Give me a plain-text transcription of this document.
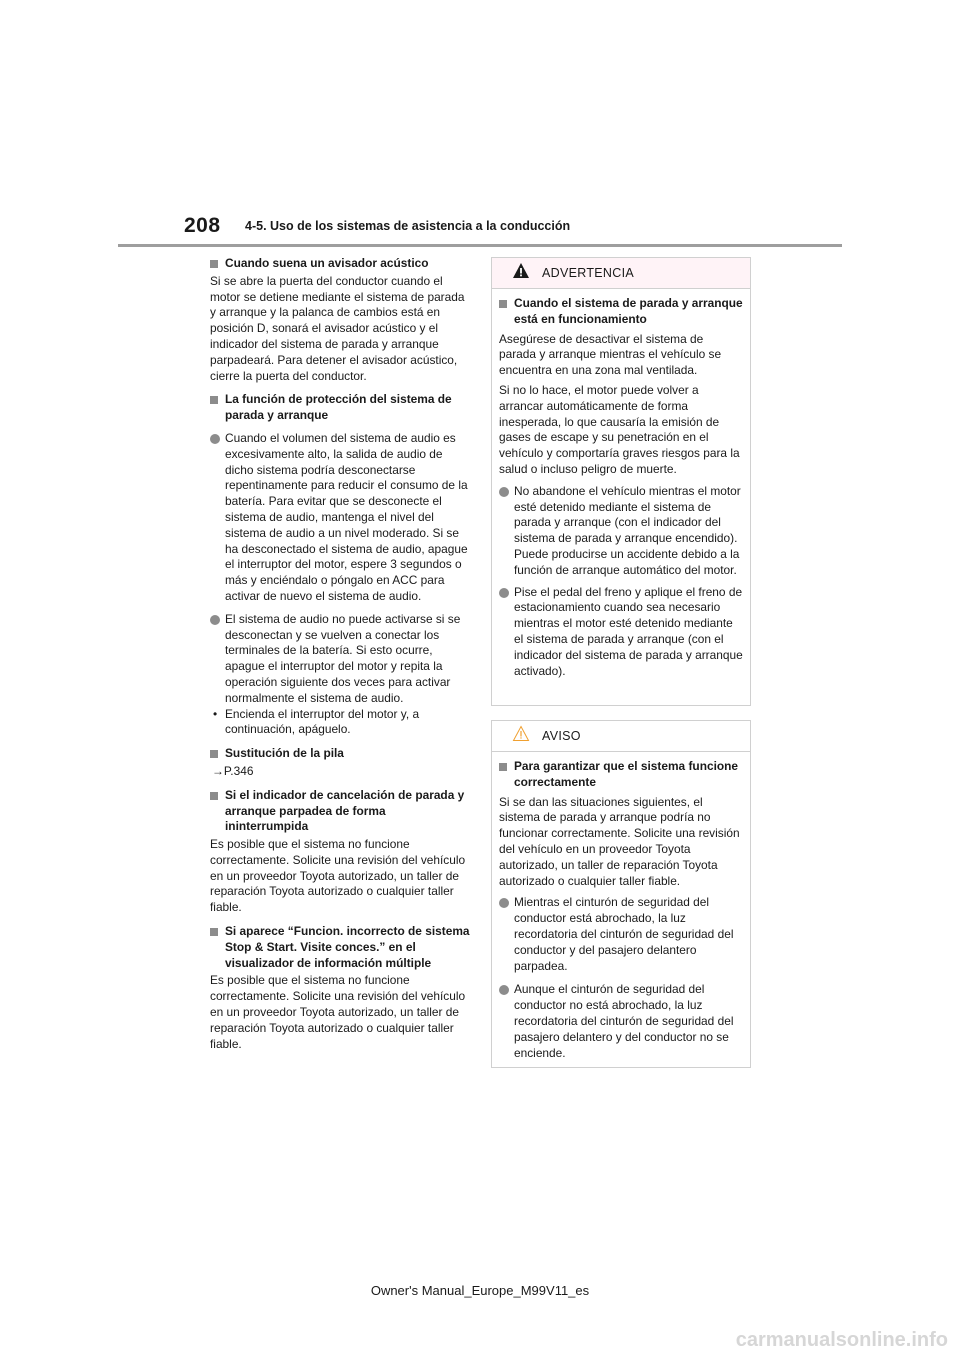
208 4-5. Uso de los sistemas de asistencia a la conducción
Cuando suena un avisador acústico
Si se abre la puerta del conductor cuando el motor se detiene mediante el sistema de parada y arranque y la palanca de cambios está en posición D, sonará el avisador acústico y el indicador del sistema de parada y arranque parpadeará. Para detener el avisador acústico, cierre la puerta del conductor.
La función de protección del sistema de parada y arranque
Cuando el volumen del sistema de audio es excesivamente alto, la salida de audio de dicho sistema podría desconectarse repentinamente para reducir el consumo de la batería. Para evitar que se desconecte el sistema de audio, mantenga el nivel del sistema de audio a un nivel moderado. Si se ha desconectado el sistema de audio, apague el interruptor del motor, espere 3 segundos o más y enciéndalo o póngalo en ACC para activar de nuevo el sistema de audio.
El sistema de audio no puede activarse si se desconectan y se vuelven a conectar los terminales de la batería. Si esto ocurre, apague el interruptor del motor y repita la operación siguiente dos veces para activar normalmente el sistema de audio.
• Encienda el interruptor del motor y, a continuación, apáguelo.
Sustitución de la pila
→P.346
Si el indicador de cancelación de parada y arranque parpadea de forma ininterrumpida
Es posible que el sistema no funcione correctamente. Solicite una revisión del vehículo en un proveedor Toyota autorizado, un taller de reparación Toyota autorizado o cualquier taller fiable.
Si aparece “Funcion. incorrecto de sistema Stop & Start. Visite conces.” en el visualizador de información múltiple
Es posible que el sistema no funcione correctamente. Solicite una revisión del vehículo en un proveedor Toyota autorizado, un taller de reparación Toyota autorizado o cualquier taller fiable.
ADVERTENCIA
Cuando el sistema de parada y arranque está en funcionamiento
Asegúrese de desactivar el sistema de parada y arranque mientras el vehículo se encuentra en una zona mal ventilada.
Si no lo hace, el motor puede volver a arrancar automáticamente de forma inesperada, lo que causaría la emisión de gases de escape y su penetración en el vehículo y comportaría graves riesgos para la salud o incluso peligro de muerte.
No abandone el vehículo mientras el motor esté detenido mediante el sistema de parada y arranque (con el indicador del sistema de parada y arranque encendido). Puede producirse un accidente debido a la función de arranque automático del motor.
Pise el pedal del freno y aplique el freno de estacionamiento cuando sea necesario mientras el motor esté detenido mediante el sistema de parada y arranque (con el indicador del sistema de parada y arranque activado).
AVISO
Para garantizar que el sistema funcione correctamente
Si se dan las situaciones siguientes, el sistema de parada y arranque podría no funcionar correctamente. Solicite una revisión del vehículo en un proveedor Toyota autorizado, un taller de reparación Toyota autorizado o cualquier taller fiable.
Mientras el cinturón de seguridad del conductor está abrochado, la luz recordatoria del cinturón de seguridad del conductor y del pasajero delantero parpadea.
Aunque el cinturón de seguridad del conductor no está abrochado, la luz recordatoria del cinturón de seguridad del pasajero delantero y del conductor no se enciende.
Owner's Manual_Europe_M99V11_es
carmanualsonline.info
